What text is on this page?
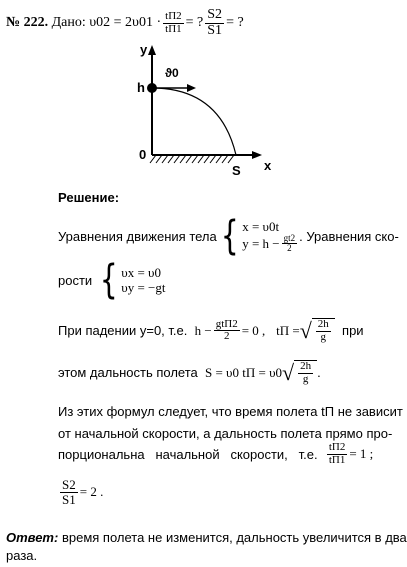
№ 222.
Дано:
$\upsilon 02 = 2\upsilon 01 \cdot \frac{tП2}{tП1}$ = ? $\frac{S2}{S1}$ = ?
y
ϑ0
h
0
S x
Решение:
Уравнения движения тела { x = υ0t
$y = h - \frac{gt2}{2}$ . Уравнения ско-
рости
{ υx = υ0
υy = −gt
При падении y=0, т.е.
$h - \frac{\text{gtП2}}{2} = 0$ ,
tП = √ $\frac{2h}{g}$
при
этом дальность полета
S = υ0 tП = υ0 √ $\frac{2h}{g}$ .
Из этих формул следует, что время полета tП не зависит
от начальной скорости, а дальность полета прямо про-
порциональна   начальной   скорости,   т.е.
$\frac{tП2}{tП1} = 1$ ;
$\frac{S2}{S1} = 2$ .
Ответ: время полета не изменится, дальность увеличится в два
раза.
